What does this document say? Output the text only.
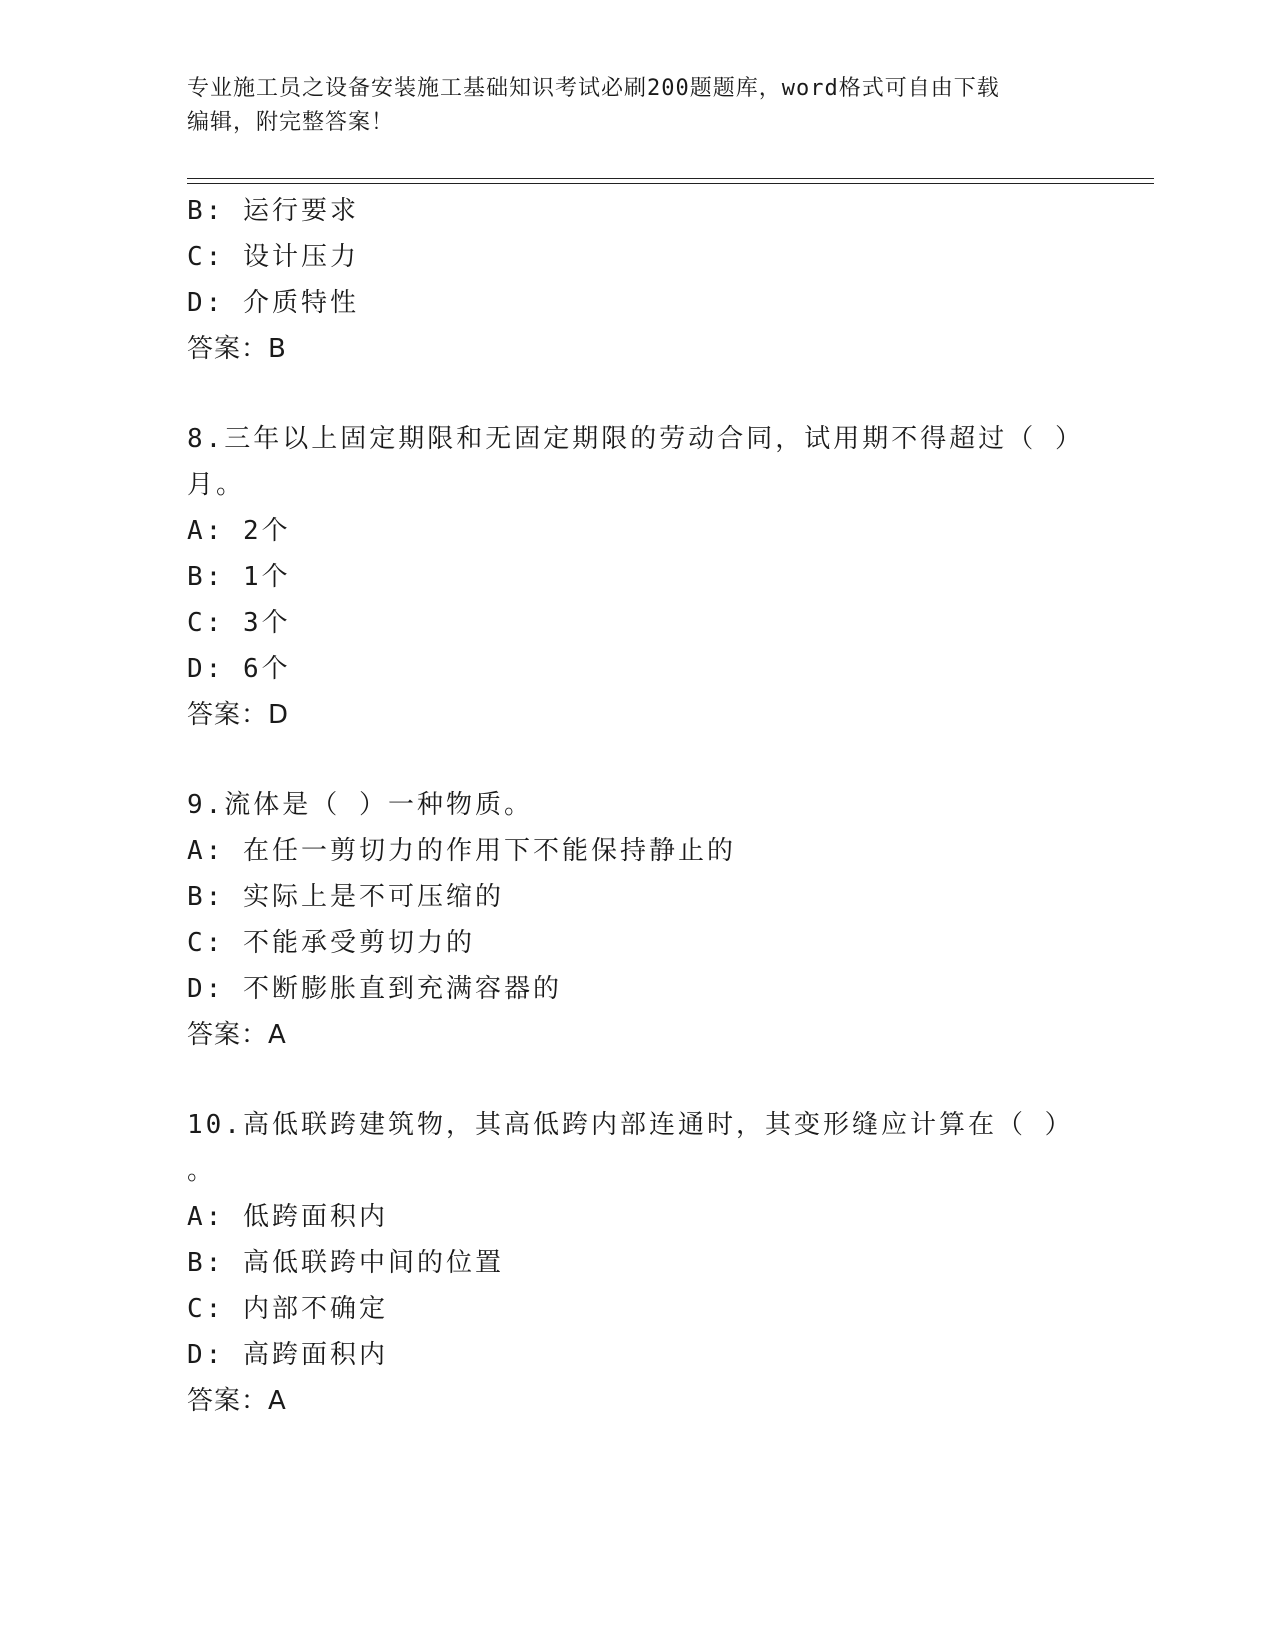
专业施工员之设备安装施工基础知识考试必刷200题题库，word格式可自由下载
编辑，附完整答案！
B: 运行要求
C: 设计压力
D: 介质特性
答案：B
8.三年以上固定期限和无固定期限的劳动合同，试用期不得超过（ ）
月。
A: 2个
B: 1个
C: 3个
D: 6个
答案：D
9.流体是（ ）一种物质。
A: 在任一剪切力的作用下不能保持静止的
B: 实际上是不可压缩的
C: 不能承受剪切力的
D: 不断膨胀直到充满容器的
答案：A
10.高低联跨建筑物，其高低跨内部连通时，其变形缝应计算在（ ）
。
A: 低跨面积内
B: 高低联跨中间的位置
C: 内部不确定
D: 高跨面积内
答案：A
